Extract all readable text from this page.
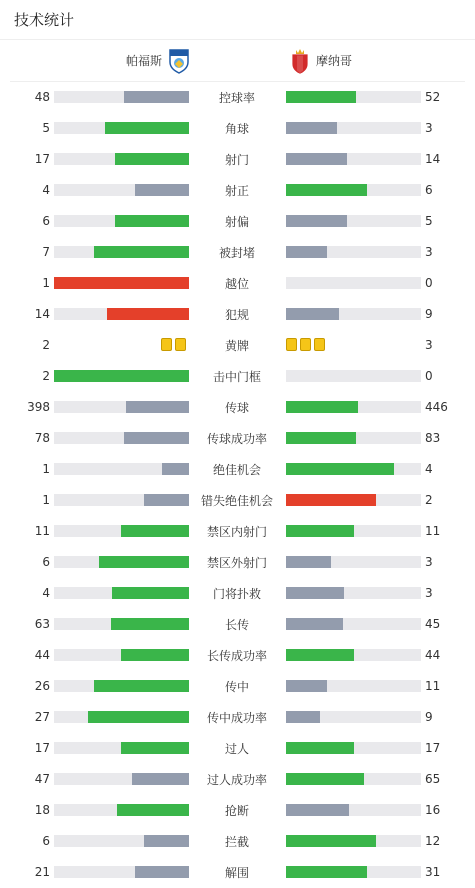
技术统计
帕福斯	摩纳哥
48	控球率	52
5	角球	3
17	射门	14
4	射正	6
6	射偏	5
7	被封堵	3
1	越位	0
14	犯规	9
2	黄牌	3
2	击中门框	0
398	传球	446
78	传球成功率	83
1	绝佳机会	4
1	错失绝佳机会	2
11	禁区内射门	11
6	禁区外射门	3
4	门将扑救	3
63	长传	45
44	长传成功率	44
26	传中	11
27	传中成功率	9
17	过人	17
47	过人成功率	65
18	抢断	16
6	拦截	12
21	解围	31
